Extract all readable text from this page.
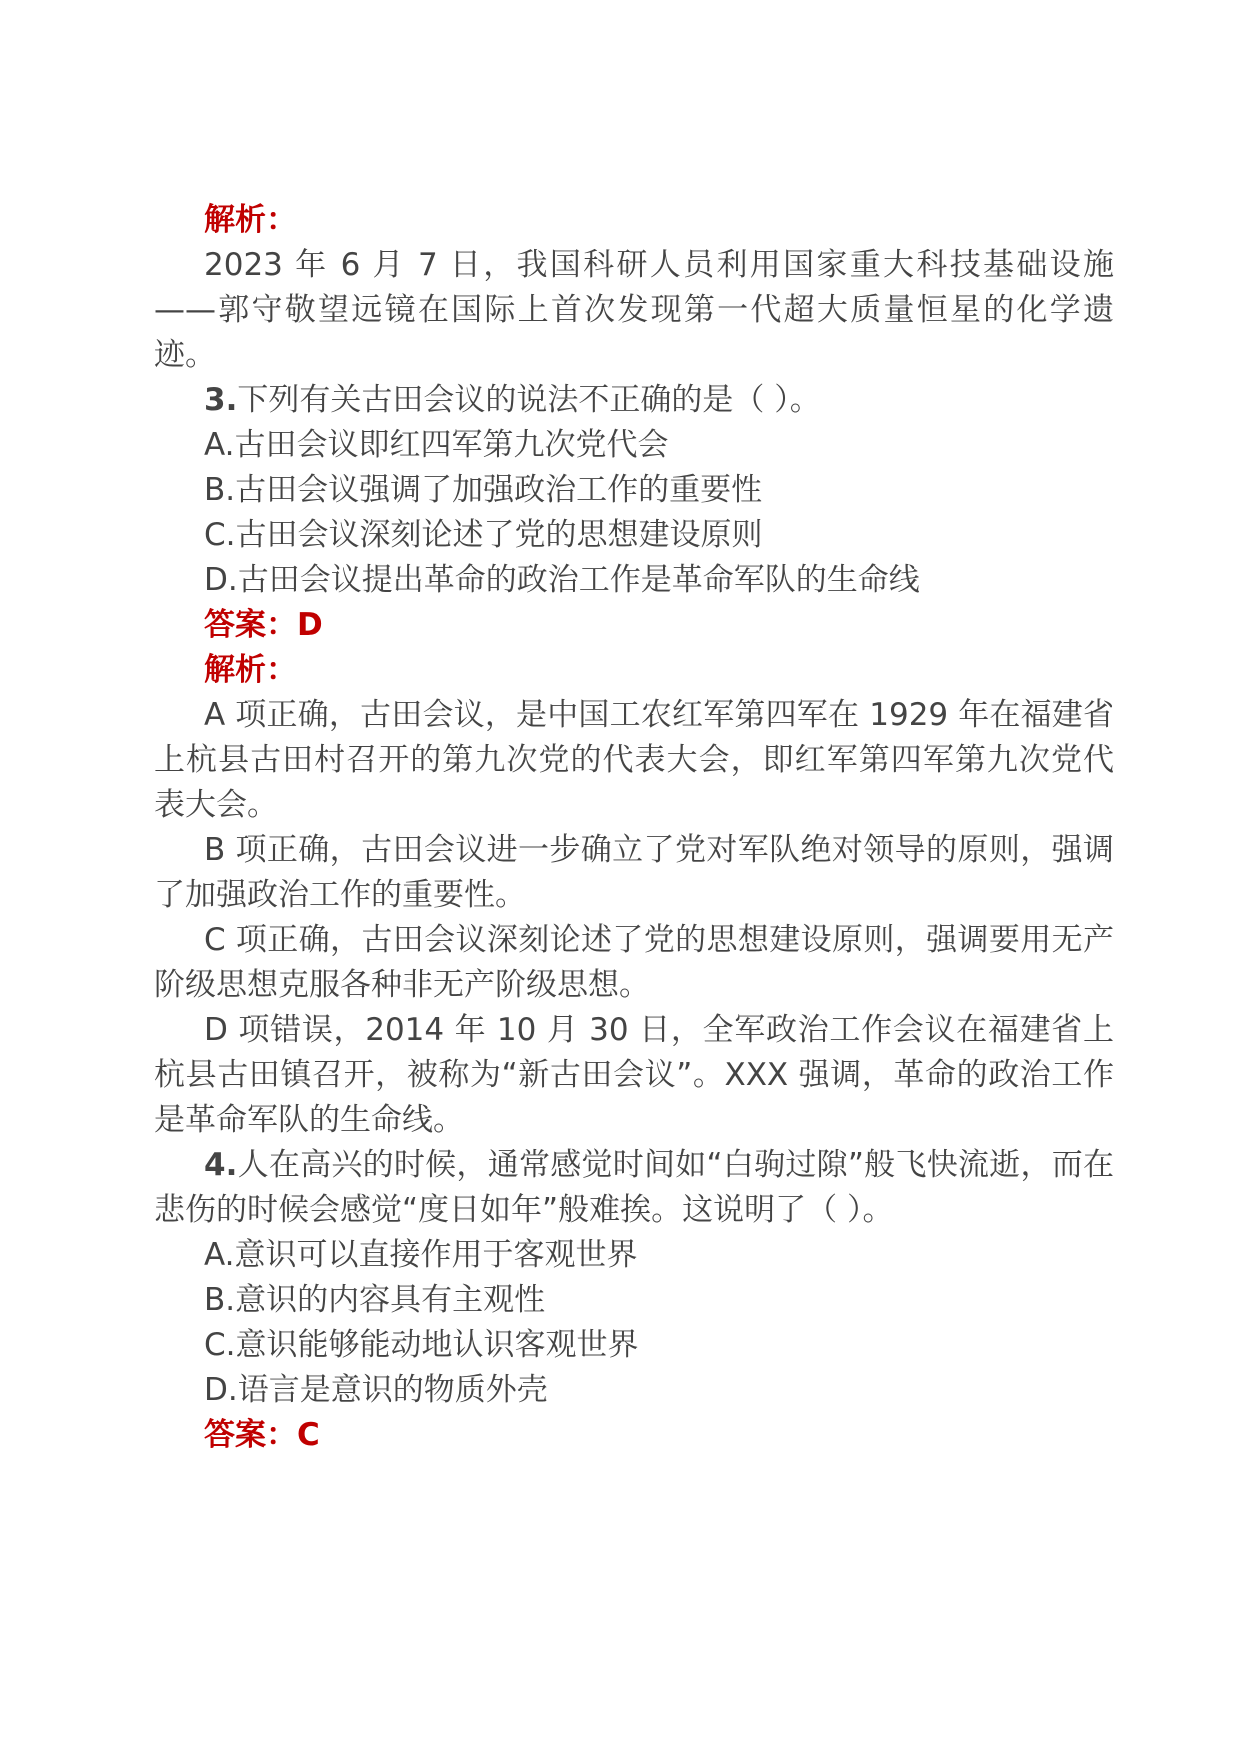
解析：

2023 年 6 月 7 日，我国科研人员利用国家重大科技基础设施——郭守敬望远镜在国际上首次发现第一代超大质量恒星的化学遗迹。

3.下列有关古田会议的说法不正确的是（ ）。

A.古田会议即红四军第九次党代会

B.古田会议强调了加强政治工作的重要性

C.古田会议深刻论述了党的思想建设原则

D.古田会议提出革命的政治工作是革命军队的生命线

答案：D

解析：

A 项正确，古田会议，是中国工农红军第四军在 1929 年在福建省上杭县古田村召开的第九次党的代表大会，即红军第四军第九次党代表大会。

B 项正确，古田会议进一步确立了党对军队绝对领导的原则，强调了加强政治工作的重要性。

C 项正确，古田会议深刻论述了党的思想建设原则，强调要用无产阶级思想克服各种非无产阶级思想。

D 项错误，2014 年 10 月 30 日，全军政治工作会议在福建省上杭县古田镇召开，被称为“新古田会议”。XXX 强调，革命的政治工作是革命军队的生命线。

4.人在高兴的时候，通常感觉时间如“白驹过隙”般飞快流逝，而在悲伤的时候会感觉“度日如年”般难挨。这说明了（ ）。

A.意识可以直接作用于客观世界

B.意识的内容具有主观性

C.意识能够能动地认识客观世界

D.语言是意识的物质外壳

答案：C
